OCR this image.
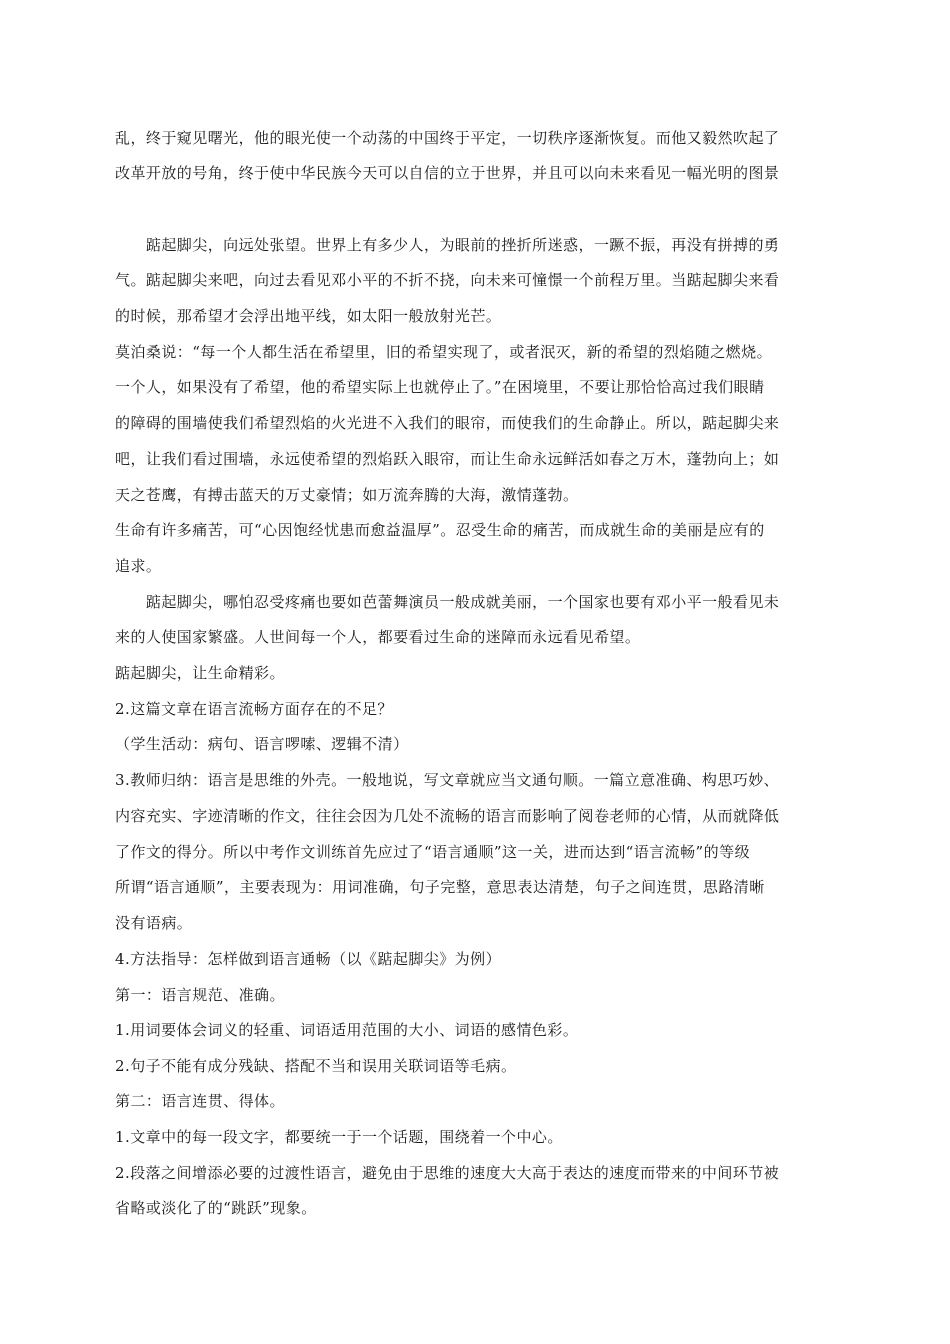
乱，终于窥见曙光，他的眼光使一个动荡的中国终于平定，一切秩序逐渐恢复。而他又毅然吹起了
改革开放的号角，终于使中华民族今天可以自信的立于世界，并且可以向未来看见一幅光明的图景
　　踮起脚尖，向远处张望。世界上有多少人，为眼前的挫折所迷惑，一蹶不振，再没有拼搏的勇
气。踮起脚尖来吧，向过去看见邓小平的不折不挠，向未来可憧憬一个前程万里。当踮起脚尖来看
的时候，那希望才会浮出地平线，如太阳一般放射光芒。
莫泊桑说：“每一个人都生活在希望里，旧的希望实现了，或者泯灭，新的希望的烈焰随之燃烧。
一个人，如果没有了希望，他的希望实际上也就停止了。”在困境里，不要让那恰恰高过我们眼睛
的障碍的围墙使我们希望烈焰的火光进不入我们的眼帘，而使我们的生命静止。所以，踮起脚尖来
吧，让我们看过围墙，永远使希望的烈焰跃入眼帘，而让生命永远鲜活如春之万木，蓬勃向上；如
天之苍鹰，有搏击蓝天的万丈豪情；如万流奔腾的大海，激情蓬勃。
生命有许多痛苦，可“心因饱经忧患而愈益温厚”。忍受生命的痛苦，而成就生命的美丽是应有的
追求。
　　踮起脚尖，哪怕忍受疼痛也要如芭蕾舞演员一般成就美丽，一个国家也要有邓小平一般看见未
来的人使国家繁盛。人世间每一个人，都要看过生命的迷障而永远看见希望。
踮起脚尖，让生命精彩。
2.这篇文章在语言流畅方面存在的不足？
（学生活动：病句、语言啰嗦、逻辑不清）
3.教师归纳：语言是思维的外壳。一般地说，写文章就应当文通句顺。一篇立意准确、构思巧妙、
内容充实、字迹清晰的作文，往往会因为几处不流畅的语言而影响了阅卷老师的心情，从而就降低
了作文的得分。所以中考作文训练首先应过了“语言通顺”这一关，进而达到“语言流畅”的等级
所谓“语言通顺”，主要表现为：用词准确，句子完整，意思表达清楚，句子之间连贯，思路清晰
没有语病。
4.方法指导：怎样做到语言通畅（以《踮起脚尖》为例）
第一：语言规范、准确。
1.用词要体会词义的轻重、词语适用范围的大小、词语的感情色彩。
2.句子不能有成分残缺、搭配不当和误用关联词语等毛病。
第二：语言连贯、得体。
1.文章中的每一段文字，都要统一于一个话题，围绕着一个中心。
2.段落之间增添必要的过渡性语言，避免由于思维的速度大大高于表达的速度而带来的中间环节被
省略或淡化了的“跳跃”现象。
